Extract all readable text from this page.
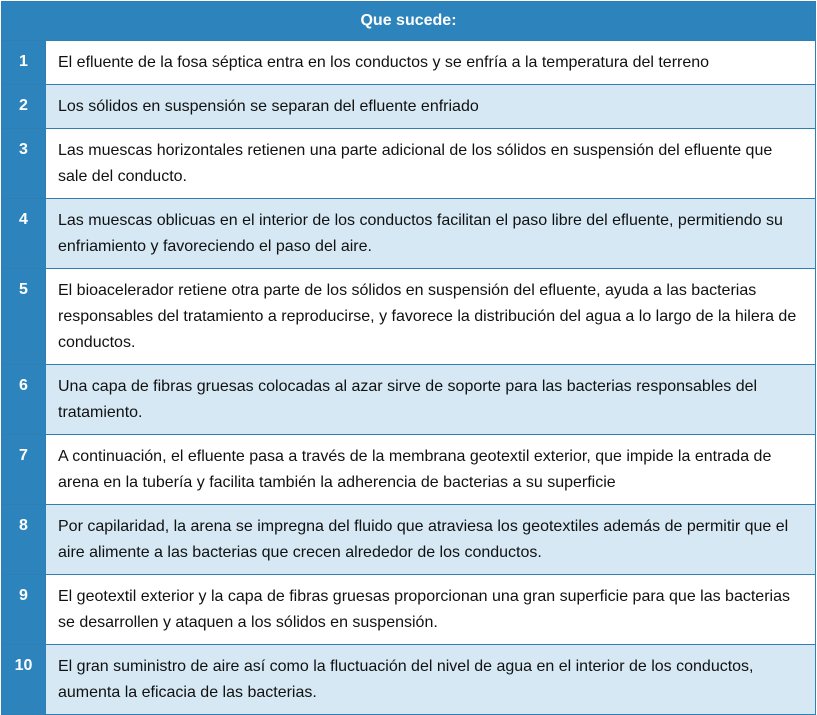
Que sucede:	
1	El efluente de la fosa séptica entra en los conductos y se enfría a la temperatura del terreno
2	Los sólidos en suspensión se separan del efluente enfriado
3	Las muescas horizontales retienen una parte adicional de los sólidos en suspensión del efluente que sale del conducto.
4	Las muescas oblicuas en el interior de los conductos facilitan el paso libre del efluente, permitiendo su enfriamiento y favoreciendo el paso del aire.
5	El bioacelerador retiene otra parte de los sólidos en suspensión del efluente, ayuda a las bacterias responsables del tratamiento a reproducirse, y favorece la distribución del agua a lo largo de la hilera de conductos.
6	Una capa de fibras gruesas colocadas al azar sirve de soporte para las bacterias responsables del tratamiento.
7	A continuación, el efluente pasa a través de la membrana geotextil exterior, que impide la entrada de arena en la tubería y facilita también la adherencia de bacterias a su superficie
8	Por capilaridad, la arena se impregna del fluido que atraviesa los geotextiles además de permitir que el aire alimente a las bacterias que crecen alrededor de los conductos.
9	El geotextil exterior y la capa de fibras gruesas proporcionan una gran superficie para que las bacterias se desarrollen y ataquen a los sólidos en suspensión.
10	El gran suministro de aire así como la fluctuación del nivel de agua en el interior de los conductos, aumenta la eficacia de las bacterias.
